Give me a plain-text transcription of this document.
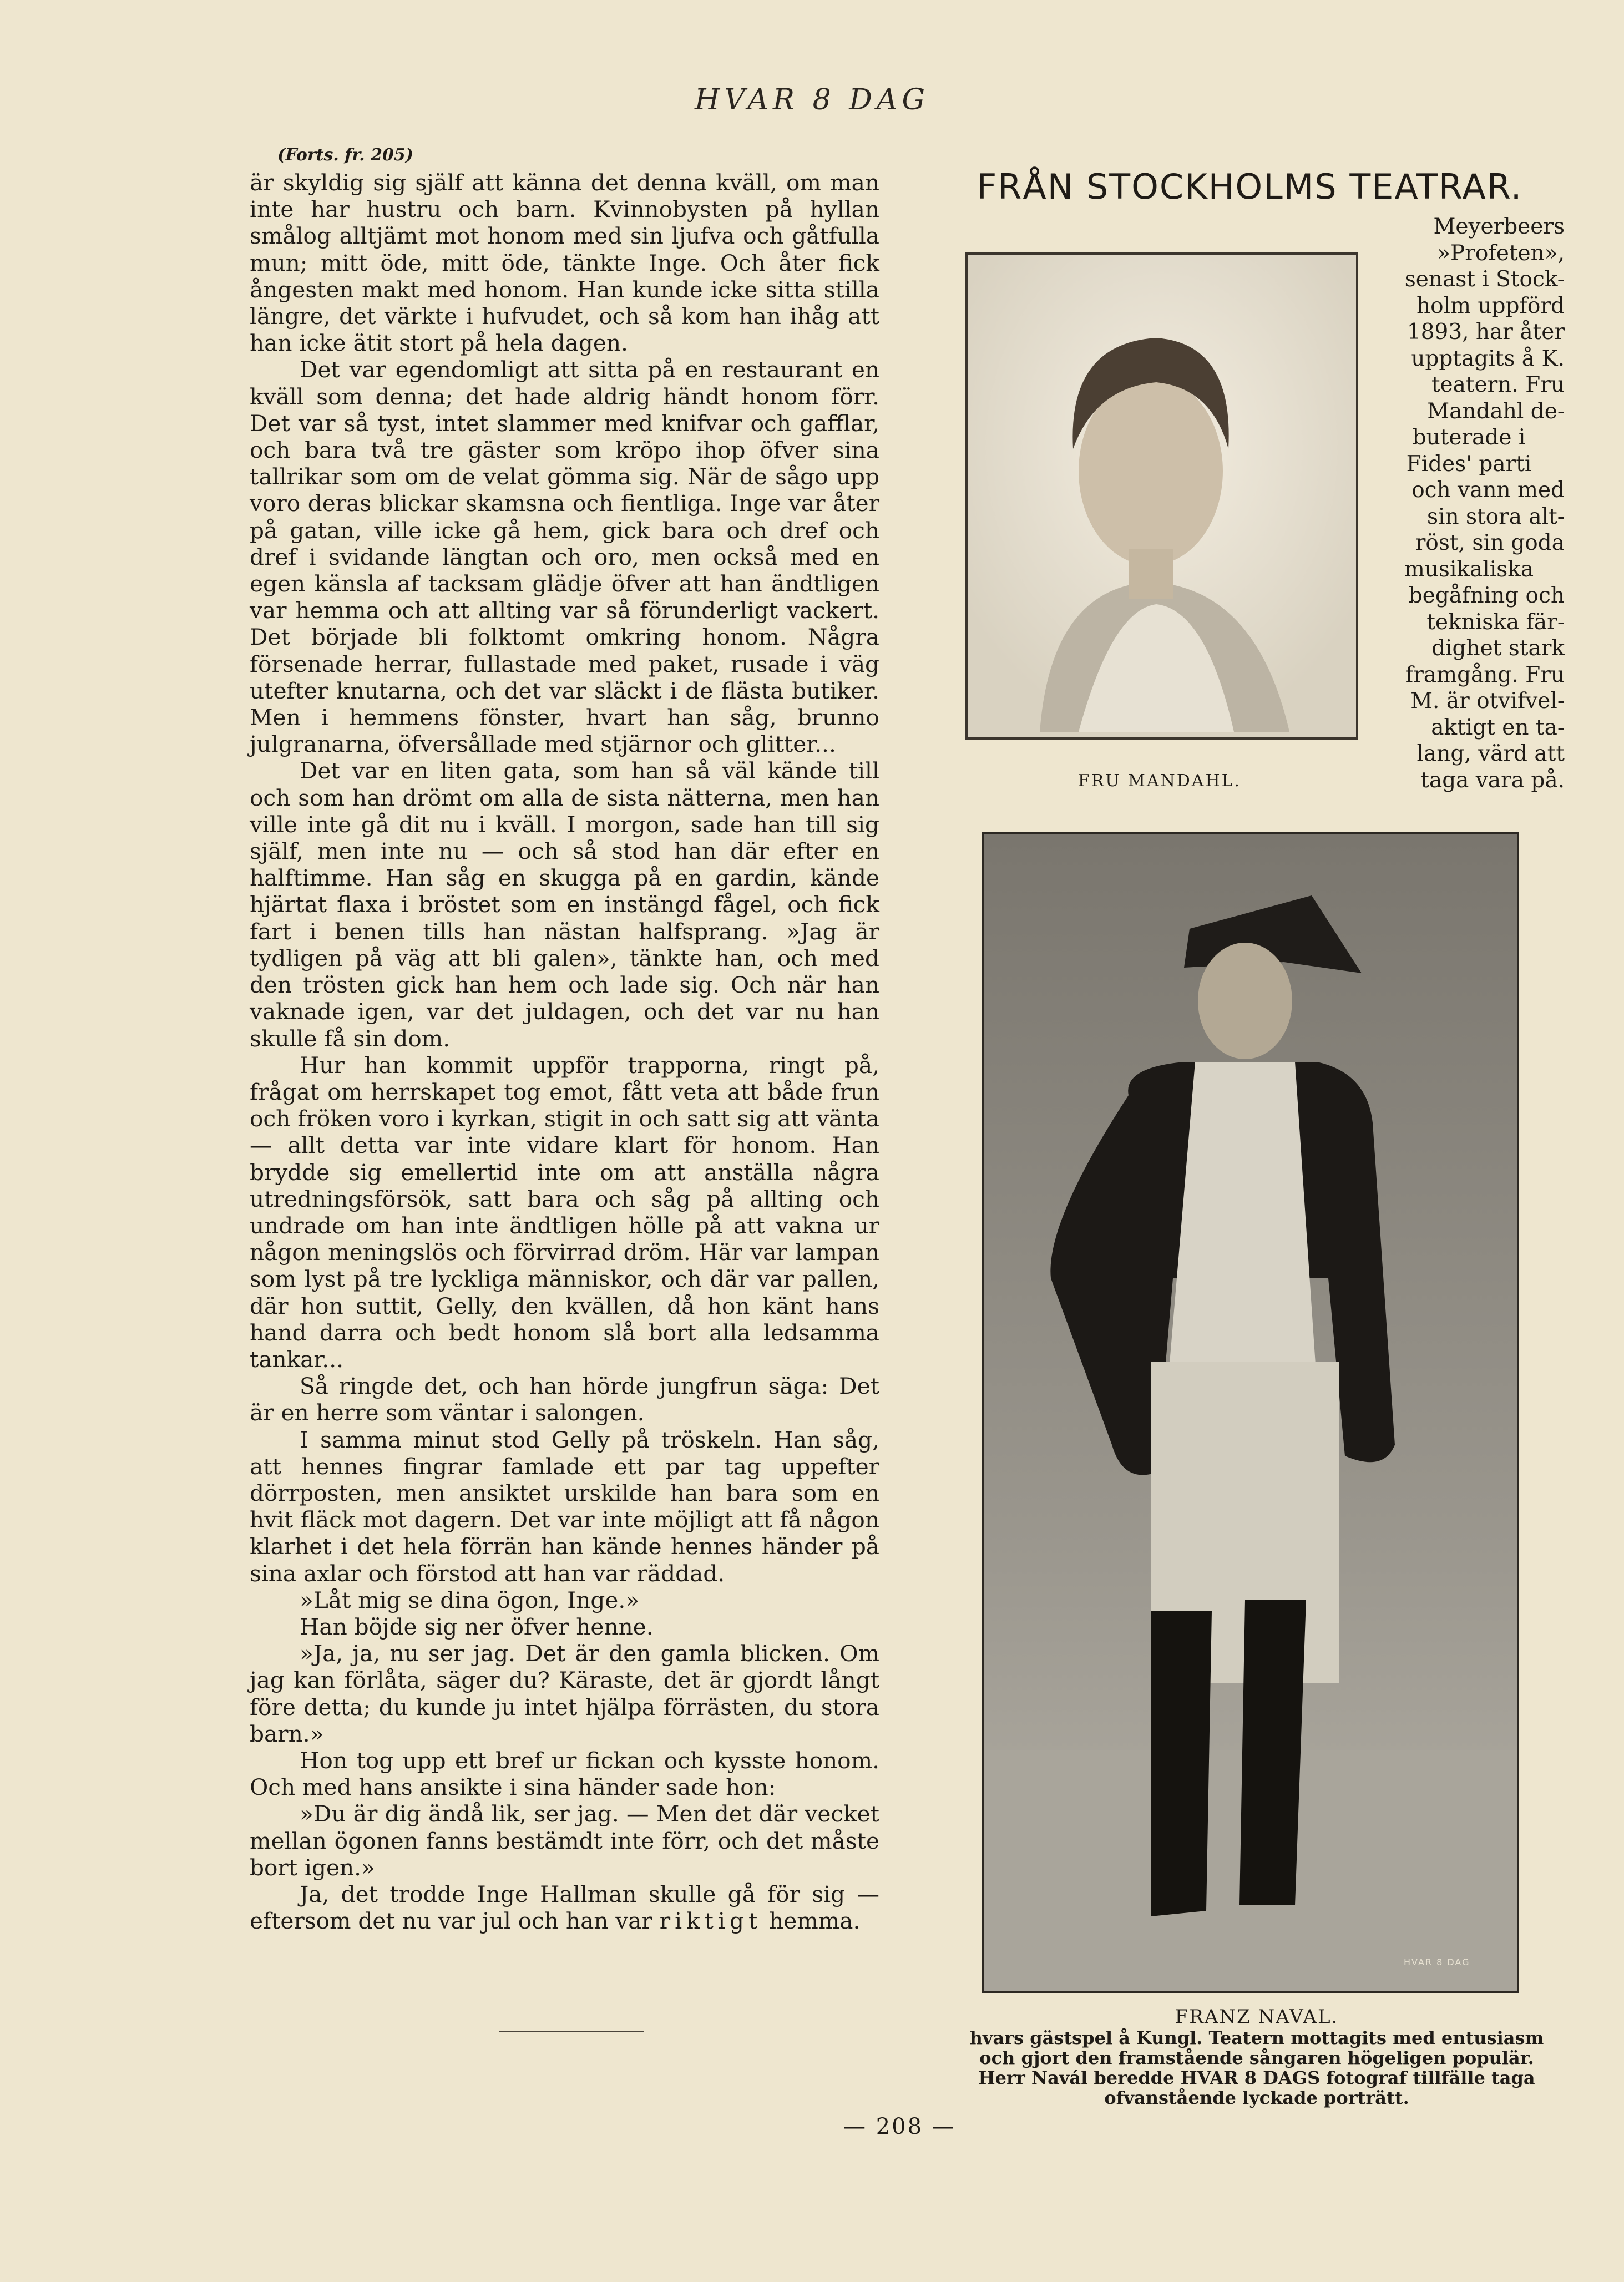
HVAR 8 DAG
(Forts. fr. 205)

är skyldig sig själf att känna det denna kväll, om man inte har hustru och barn. Kvinnobysten på hyllan smålog alltjämt mot honom med sin ljufva och gåtfulla mun; mitt öde, mitt öde, tänkte Inge. Och åter fick ångesten makt med honom. Han kunde icke sitta stilla längre, det värkte i hufvudet, och så kom han ihåg att han icke ätit stort på hela dagen.

Det var egendomligt att sitta på en restaurant en kväll som denna; det hade aldrig händt honom förr. Det var så tyst, intet slammer med knifvar och gafflar, och bara två tre gäster som kröpo ihop öfver sina tallrikar som om de velat gömma sig. När de sågo upp voro deras blickar skamsna och fientliga. Inge var åter på gatan, ville icke gå hem, gick bara och dref och dref i svidande längtan och oro, men också med en egen känsla af tacksam glädje öfver att han ändtligen var hemma och att allting var så förunderligt vackert. Det började bli folktomt omkring honom. Några försenade herrar, fullastade med paket, rusade i väg utefter knutarna, och det var släckt i de flästa butiker. Men i hemmens fönster, hvart han såg, brunno julgranarna, öfversållade med stjärnor och glitter...

Det var en liten gata, som han så väl kände till och som han drömt om alla de sista nätterna, men han ville inte gå dit nu i kväll. I morgon, sade han till sig själf, men inte nu — och så stod han där efter en halftimme. Han såg en skugga på en gardin, kände hjärtat flaxa i bröstet som en instängd fågel, och fick fart i benen tills han nästan halfsprang. »Jag är tydligen på väg att bli galen», tänkte han, och med den trösten gick han hem och lade sig. Och när han vaknade igen, var det juldagen, och det var nu han skulle få sin dom.

Hur han kommit uppför trapporna, ringt på, frågat om herrskapet tog emot, fått veta att både frun och fröken voro i kyrkan, stigit in och satt sig att vänta — allt detta var inte vidare klart för honom. Han brydde sig emellertid inte om att anställa några utredningsförsök, satt bara och såg på allting och undrade om han inte ändtligen hölle på att vakna ur någon meningslös och förvirrad dröm. Här var lampan som lyst på tre lyckliga människor, och där var pallen, där hon suttit, Gelly, den kvällen, då hon känt hans hand darra och bedt honom slå bort alla ledsamma tankar...

Så ringde det, och han hörde jungfrun säga: Det är en herre som väntar i salongen.

I samma minut stod Gelly på tröskeln. Han såg, att hennes fingrar famlade ett par tag uppefter dörrposten, men ansiktet urskilde han bara som en hvit fläck mot dagern. Det var inte möjligt att få någon klarhet i det hela förrän han kände hennes händer på sina axlar och förstod att han var räddad.

»Låt mig se dina ögon, Inge.»

Han böjde sig ner öfver henne.

»Ja, ja, nu ser jag. Det är den gamla blicken. Om jag kan förlåta, säger du? Käraste, det är gjordt långt före detta; du kunde ju intet hjälpa förrästen, du stora barn.»

Hon tog upp ett bref ur fickan och kysste honom. Och med hans ansikte i sina händer sade hon:

»Du är dig ändå lik, ser jag. — Men det där vecket mellan ögonen fanns bestämdt inte förr, och det måste bort igen.»

Ja, det trodde Inge Hallman skulle gå för sig — eftersom det nu var jul och han var riktigt hemma.

FRÅN STOCKHOLMS TEATRAR.
FRU MANDAHL.
Meyerbeers
»Profeten»,
senast i Stock-
holm uppförd
1893, har åter
upptagits å K.
teatern. Fru
Mandahl de-
buterade i
Fides' parti
och vann med
sin stora alt-
röst, sin goda
musikaliska
begåfning och
tekniska fär-
dighet stark
framgång. Fru
M. är otvifvel-
aktigt en ta-
lang, värd att
taga vara på.
HVAR 8 DAG
FRANZ NAVAL.
hvars gästspel å Kungl. Teatern mottagits med entusiasm
och gjort den framstående sångaren högeligen populär.
Herr Navál beredde HVAR 8 DAGS fotograf tillfälle taga
ofvanstående lyckade porträtt.
— 208 —
